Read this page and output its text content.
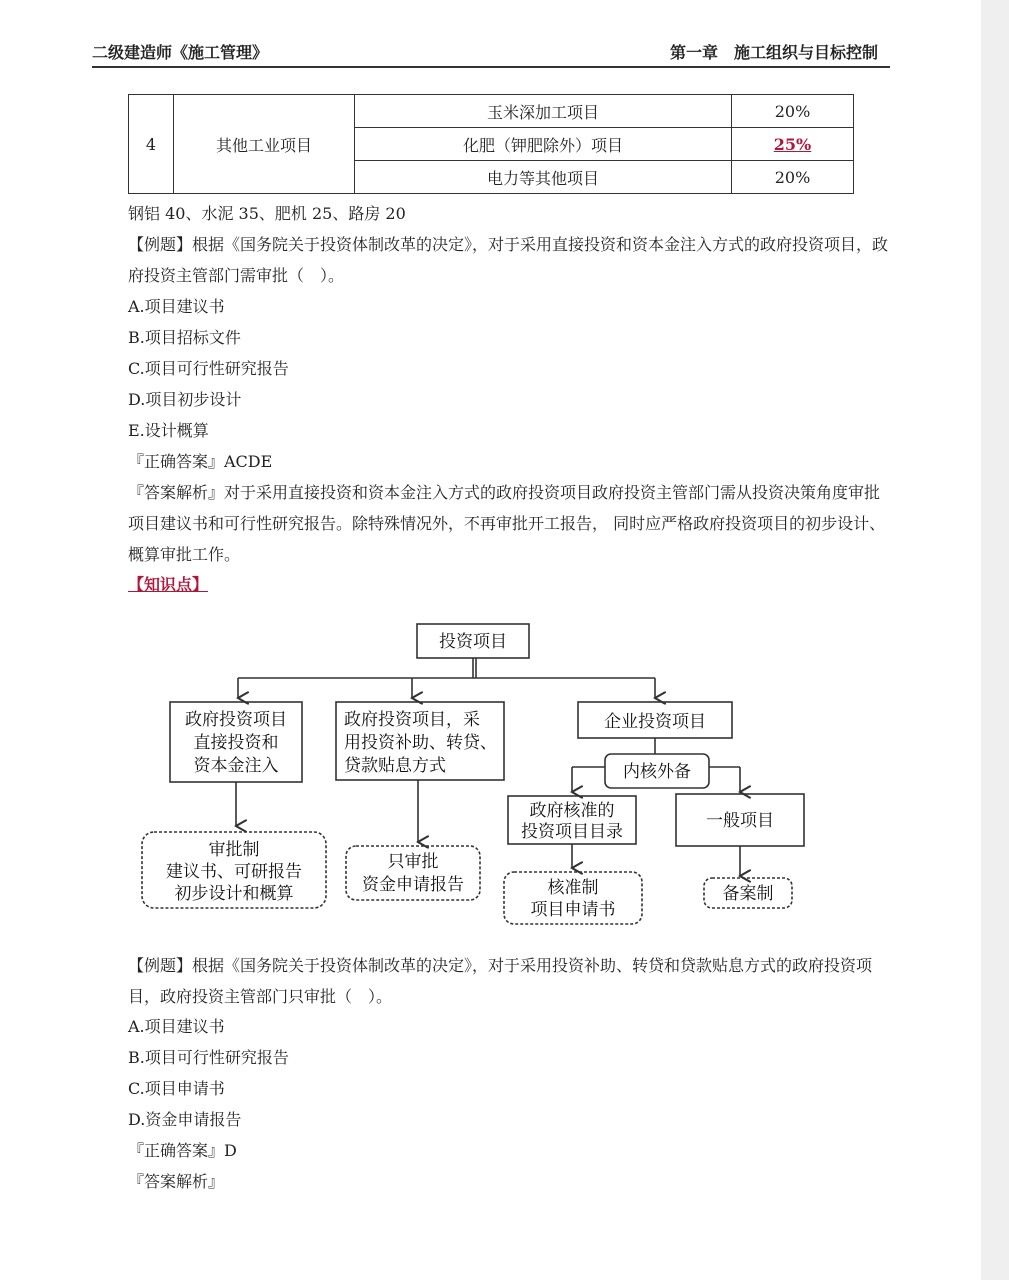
二级建造师《施工管理》	第一章　施工组织与目标控制
4	其他工业项目	玉米深加工项目	20%
		化肥（钾肥除外）项目	25%
		电力等其他项目	20%
钢铝 40、水泥 35、肥机 25、路房 20
【例题】根据《国务院关于投资体制改革的决定》，对于采用直接投资和资本金注入方式的政府投资项目，政府投资主管部门需审批（　）。
A.项目建议书
B.项目招标文件
C.项目可行性研究报告
D.项目初步设计
E.设计概算
『正确答案』ACDE
『答案解析』对于采用直接投资和资本金注入方式的政府投资项目政府投资主管部门需从投资决策角度审批项目建议书和可行性研究报告。除特殊情况外，不再审批开工报告， 同时应严格政府投资项目的初步设计、概算审批工作。
【知识点】
投资项目
政府投资项目
直接投资和
资本金注入
政府投资项目，采
用投资补助、转贷、
贷款贴息方式
企业投资项目
内核外备
政府核准的
投资项目目录
一般项目
审批制
建议书、可研报告
初步设计和概算
只审批
资金申请报告	核准制
项目申请书
备案制
【例题】根据《国务院关于投资体制改革的决定》，对于采用投资补助、转贷和贷款贴息方式的政府投资项目，政府投资主管部门只审批（　）。
A.项目建议书
B.项目可行性研究报告
C.项目申请书
D.资金申请报告
『正确答案』D
『答案解析』
